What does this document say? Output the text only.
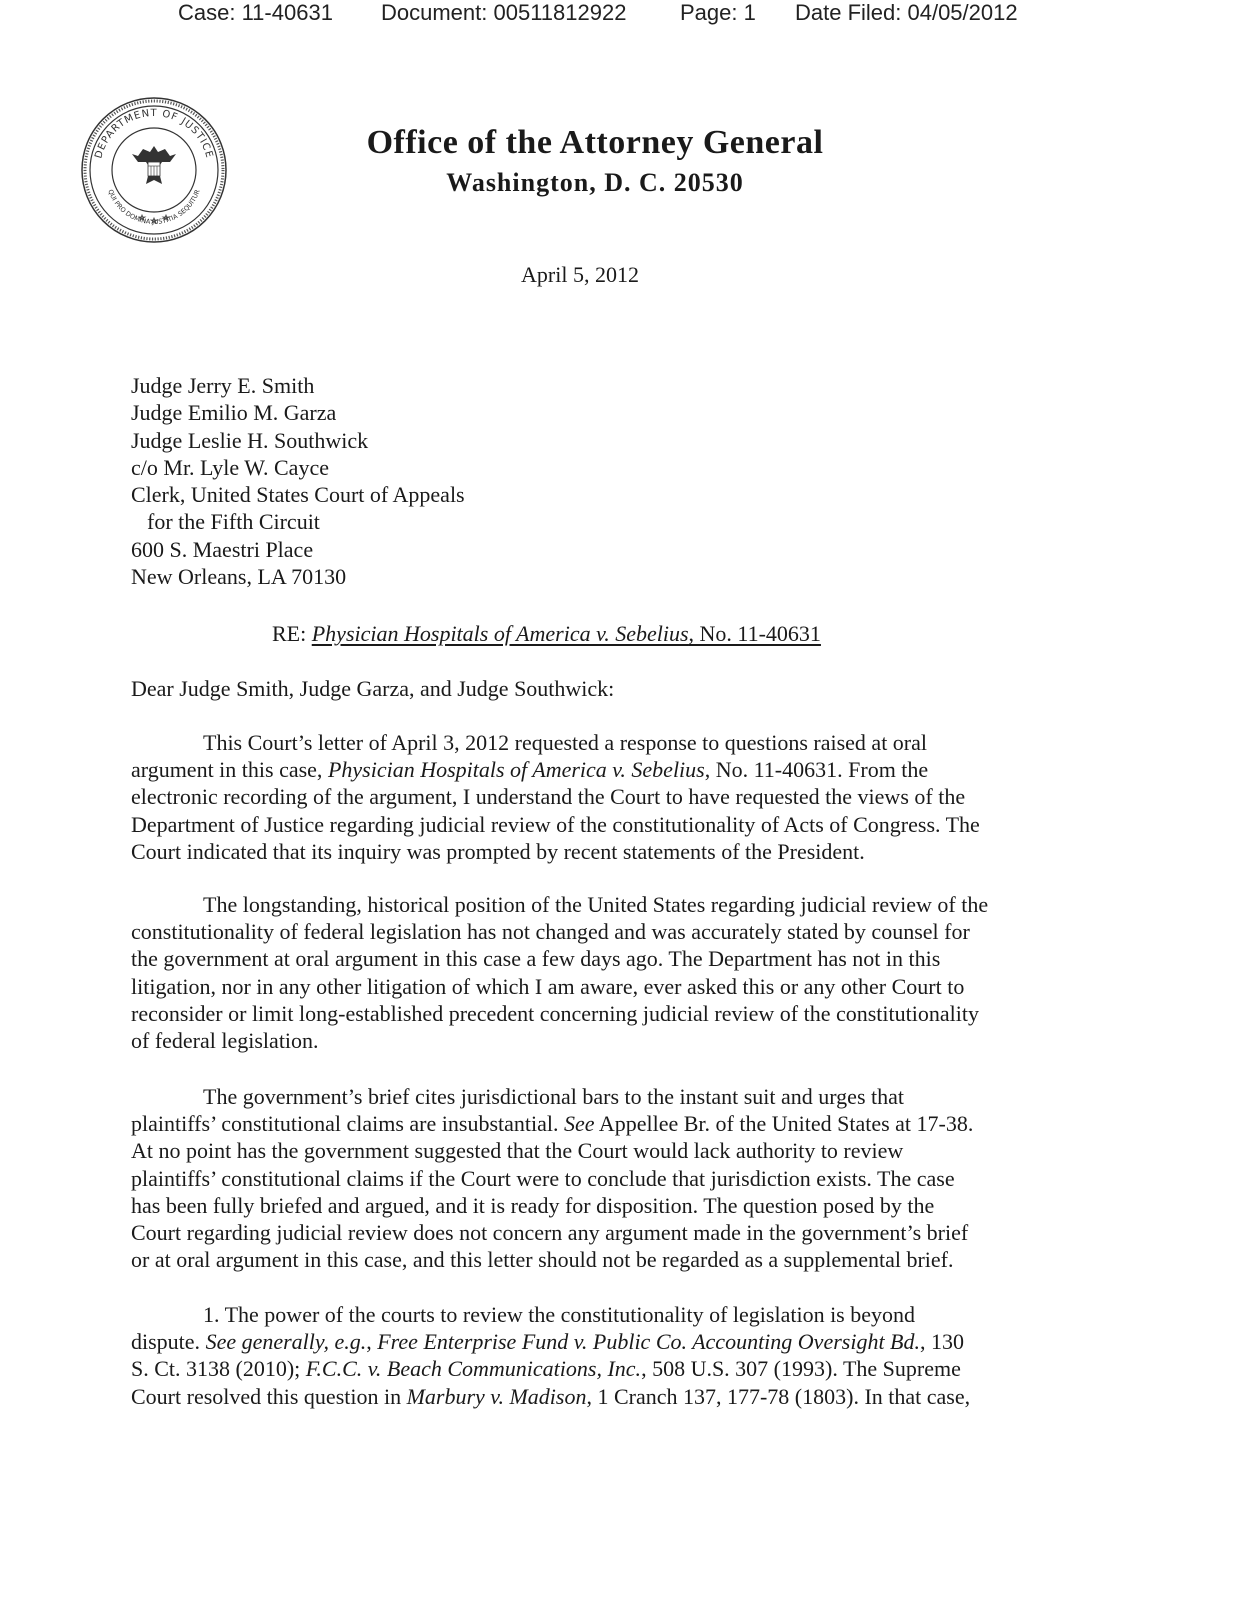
Case: 11-40631 Document: 00511812922 Page: 1 Date Filed: 04/05/2012
DEPARTMENT OF JUSTICE
QUI PRO DOMINA JUSTITIA SEQUITUR
Office of the Attorney General
Washington, D. C. 20530
April 5, 2012
Judge Jerry E. Smith
Judge Emilio M. Garza
Judge Leslie H. Southwick
c/o Mr. Lyle W. Cayce
Clerk, United States Court of Appeals
for the Fifth Circuit
600 S. Maestri Place
New Orleans, LA 70130
RE: Physician Hospitals of America v. Sebelius, No. 11-40631
Dear Judge Smith, Judge Garza, and Judge Southwick:
This Court’s letter of April 3, 2012 requested a response to questions raised at oral
argument in this case, Physician Hospitals of America v. Sebelius, No. 11-40631. From the
electronic recording of the argument, I understand the Court to have requested the views of the
Department of Justice regarding judicial review of the constitutionality of Acts of Congress. The
Court indicated that its inquiry was prompted by recent statements of the President.
The longstanding, historical position of the United States regarding judicial review of the
constitutionality of federal legislation has not changed and was accurately stated by counsel for
the government at oral argument in this case a few days ago. The Department has not in this
litigation, nor in any other litigation of which I am aware, ever asked this or any other Court to
reconsider or limit long-established precedent concerning judicial review of the constitutionality
of federal legislation.
The government’s brief cites jurisdictional bars to the instant suit and urges that
plaintiffs’ constitutional claims are insubstantial. See Appellee Br. of the United States at 17-38.
At no point has the government suggested that the Court would lack authority to review
plaintiffs’ constitutional claims if the Court were to conclude that jurisdiction exists. The case
has been fully briefed and argued, and it is ready for disposition. The question posed by the
Court regarding judicial review does not concern any argument made in the government’s brief
or at oral argument in this case, and this letter should not be regarded as a supplemental brief.
1. The power of the courts to review the constitutionality of legislation is beyond
dispute. See generally, e.g., Free Enterprise Fund v. Public Co. Accounting Oversight Bd., 130
S. Ct. 3138 (2010); F.C.C. v. Beach Communications, Inc., 508 U.S. 307 (1993). The Supreme
Court resolved this question in Marbury v. Madison, 1 Cranch 137, 177-78 (1803). In that case,
